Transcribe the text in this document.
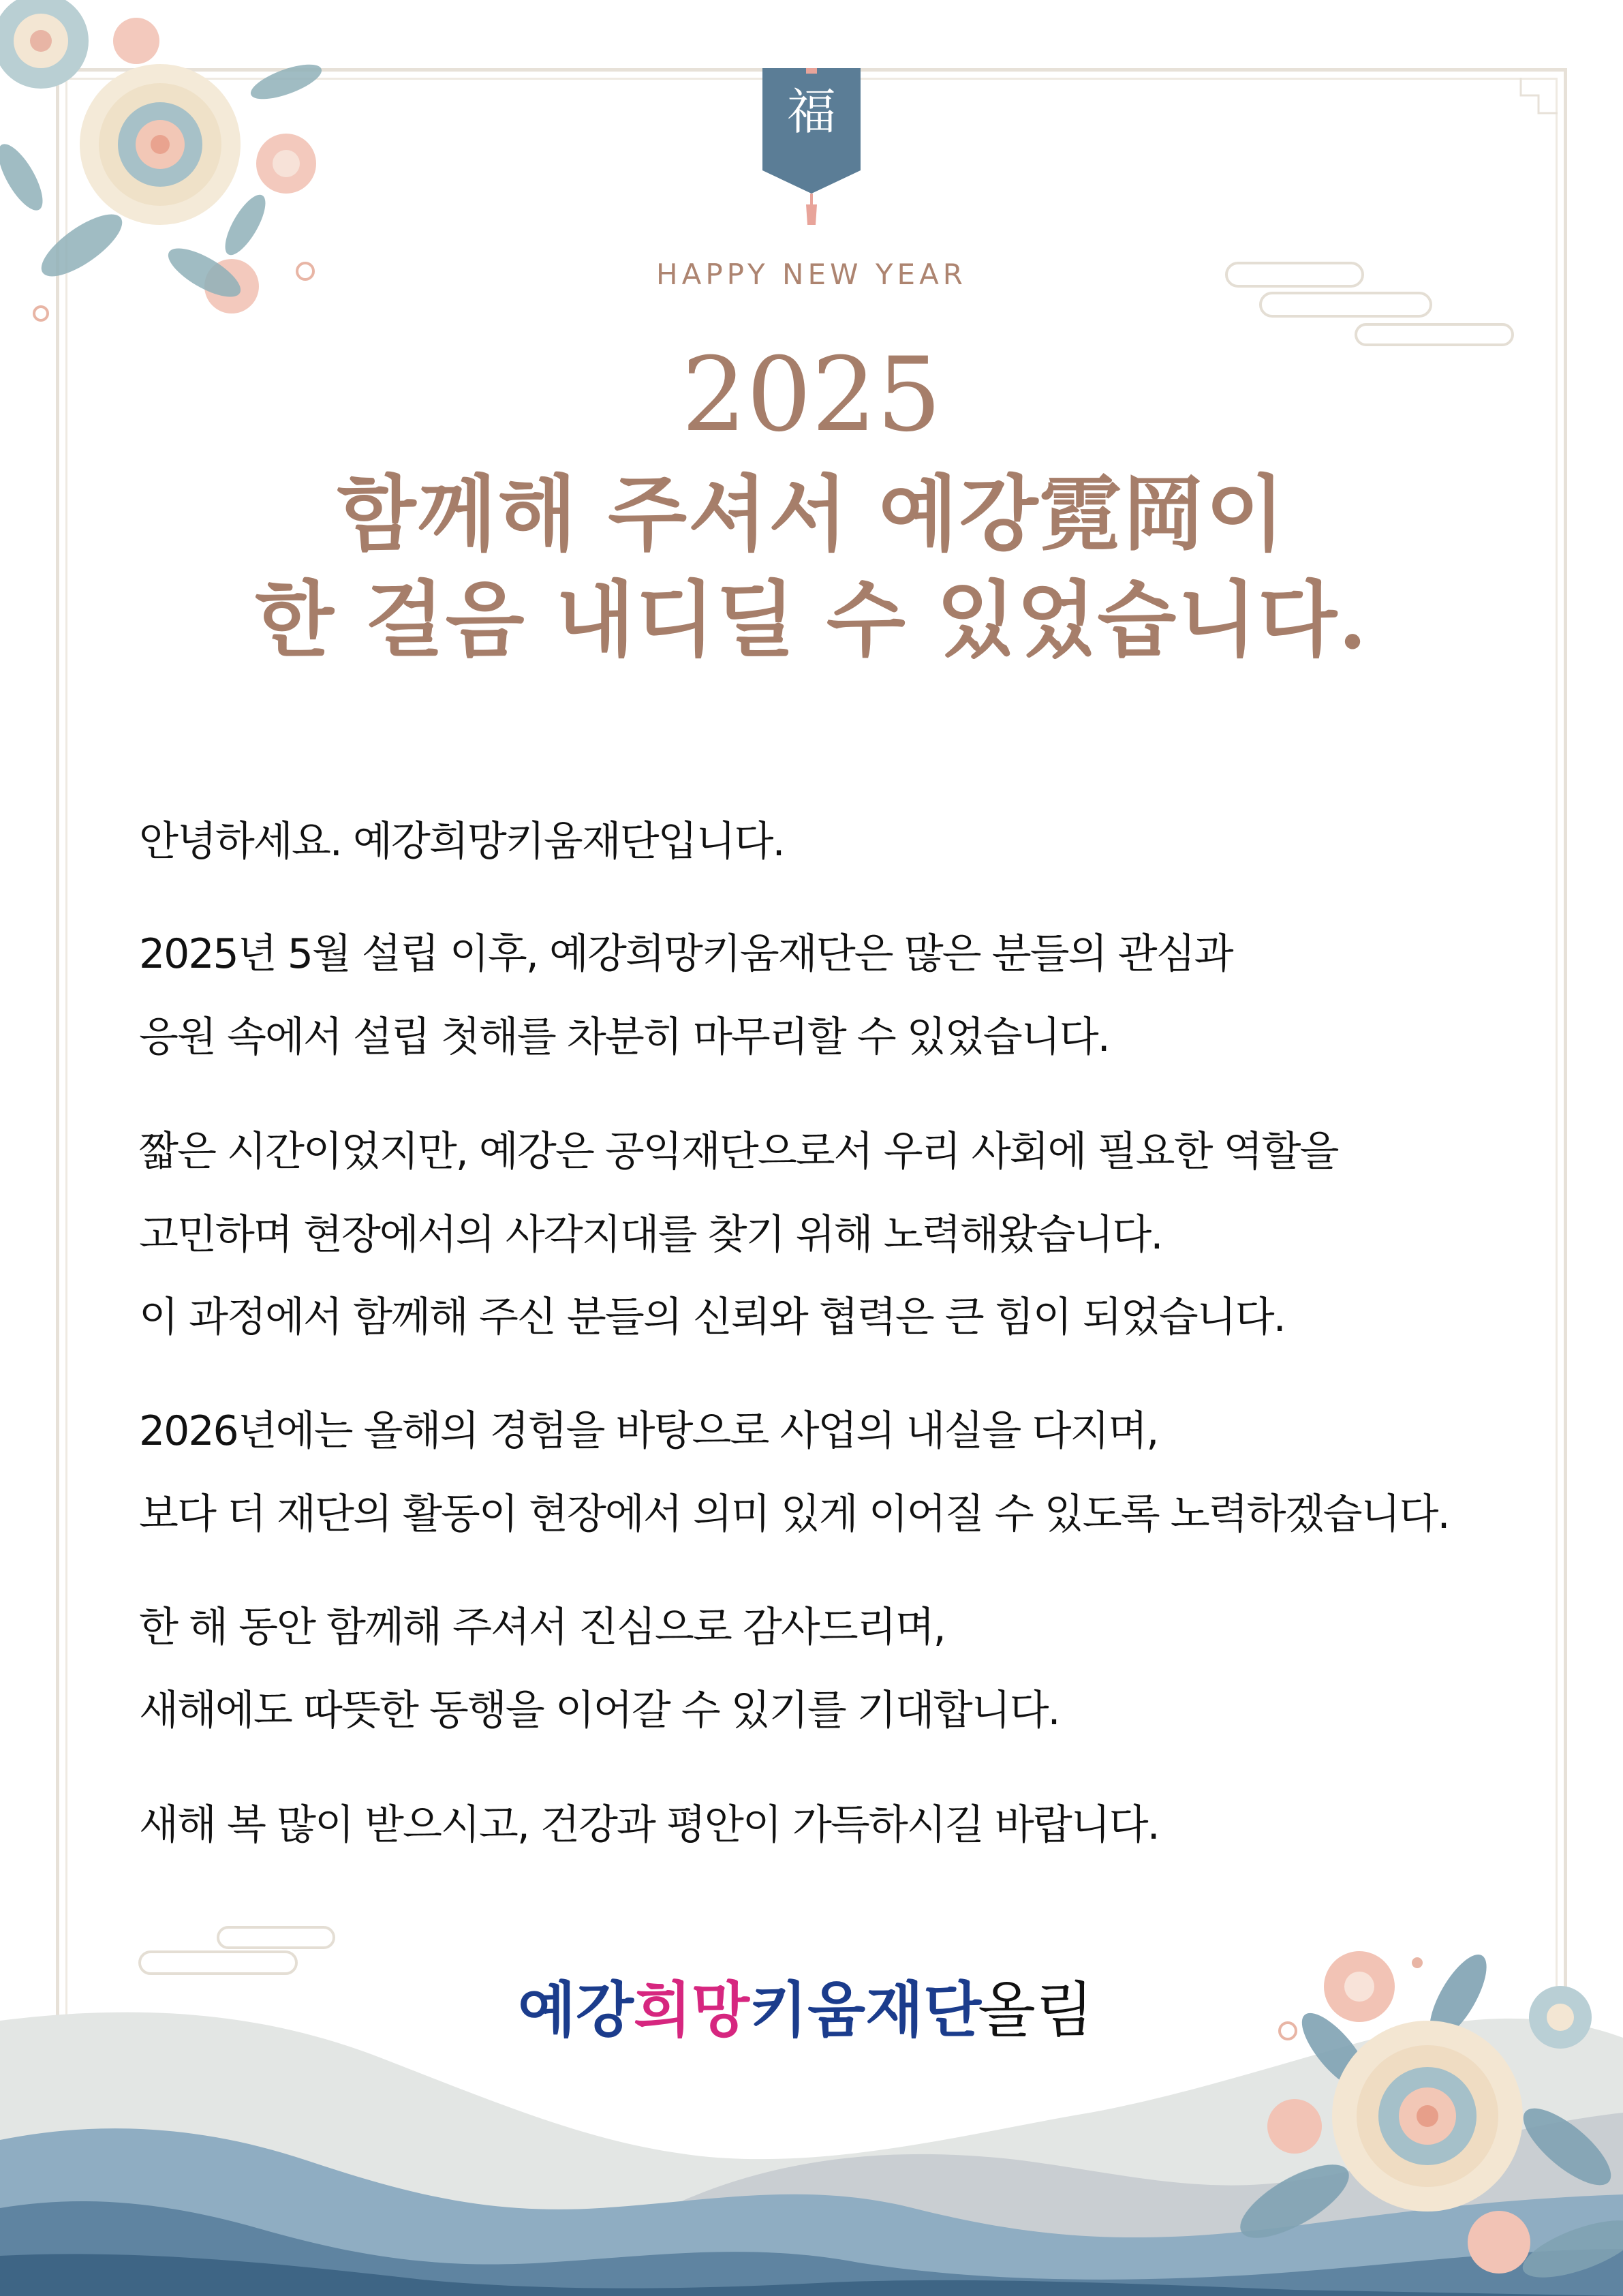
福
HAPPY NEW YEAR
2025
함께해 주셔서 예강霓岡이
한 걸음 내디딜 수 있었습니다.
안녕하세요. 예강희망키움재단입니다.
2025년 5월 설립 이후, 예강희망키움재단은 많은 분들의 관심과
응원 속에서 설립 첫해를 차분히 마무리할 수 있었습니다.
짧은 시간이었지만, 예강은 공익재단으로서 우리 사회에 필요한 역할을
고민하며 현장에서의 사각지대를 찾기 위해 노력해왔습니다.
이 과정에서 함께해 주신 분들의 신뢰와 협력은 큰 힘이 되었습니다.
2026년에는 올해의 경험을 바탕으로 사업의 내실을 다지며,
보다 더 재단의 활동이 현장에서 의미 있게 이어질 수 있도록 노력하겠습니다.
한 해 동안 함께해 주셔서 진심으로 감사드리며,
새해에도 따뜻한 동행을 이어갈 수 있기를 기대합니다.
새해 복 많이 받으시고, 건강과 평안이 가득하시길 바랍니다.
예강희망키움재단
올림
